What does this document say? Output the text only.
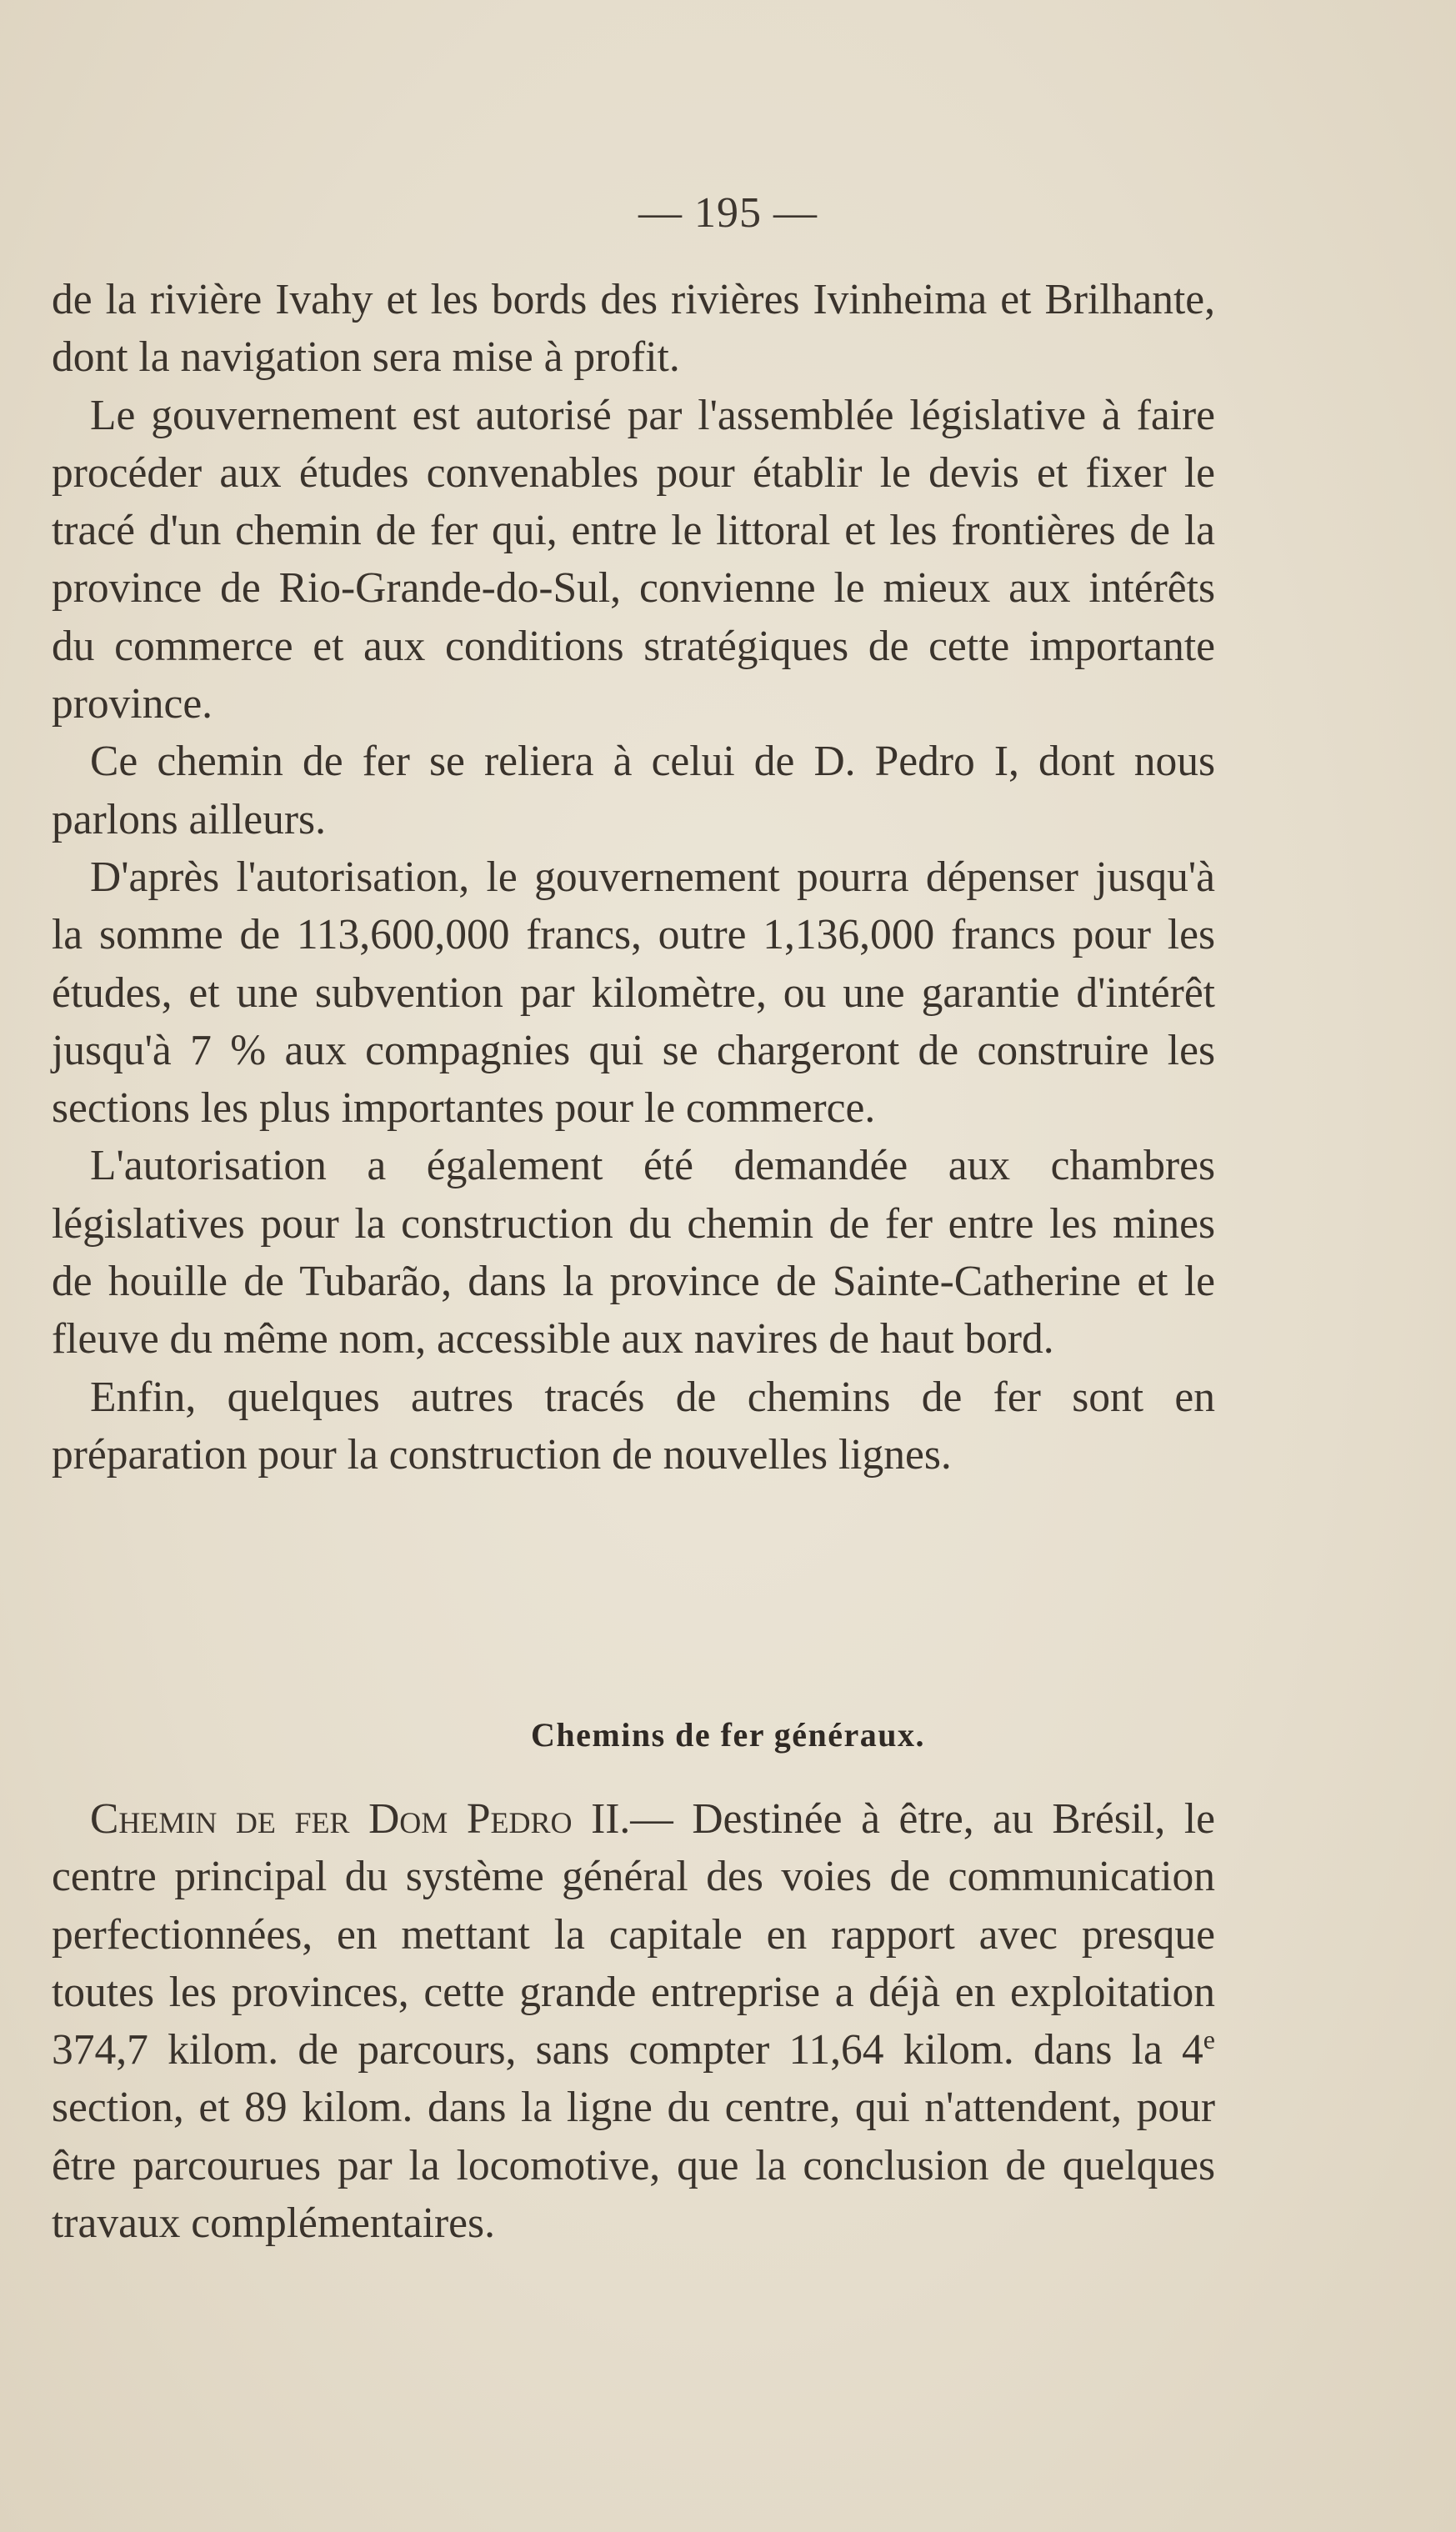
— 195 —

de la rivière Ivahy et les bords des rivières Ivinheima et Brilhante, dont la navigation sera mise à profit.

Le gouvernement est autorisé par l'assemblée législative à faire procéder aux études convenables pour établir le devis et fixer le tracé d'un chemin de fer qui, entre le littoral et les frontières de la province de Rio-Grande-do-Sul, convienne le mieux aux intérêts du commerce et aux conditions stratégiques de cette importante province.

Ce chemin de fer se reliera à celui de D. Pedro I, dont nous parlons ailleurs.

D'après l'autorisation, le gouvernement pourra dépenser jusqu'à la somme de 113,600,000 francs, outre 1,136,000 francs pour les études, et une subvention par kilomètre, ou une garantie d'intérêt jusqu'à 7 % aux compagnies qui se chargeront de construire les sections les plus importantes pour le commerce.

L'autorisation a également été demandée aux chambres législatives pour la construction du chemin de fer entre les mines de houille de Tubarão, dans la province de Sainte-Catherine et le fleuve du même nom, accessible aux navires de haut bord.

Enfin, quelques autres tracés de chemins de fer sont en préparation pour la construction de nouvelles lignes.

Chemins de fer généraux.

Chemin de fer Dom Pedro II.— Destinée à être, au Brésil, le centre principal du système général des voies de communication perfectionnées, en mettant la capitale en rapport avec presque toutes les provinces, cette grande entreprise a déjà en exploitation 374,7 kilom. de parcours, sans compter 11,64 kilom. dans la 4e section, et 89 kilom. dans la ligne du centre, qui n'attendent, pour être parcourues par la locomotive, que la conclusion de quelques travaux complémentaires.
